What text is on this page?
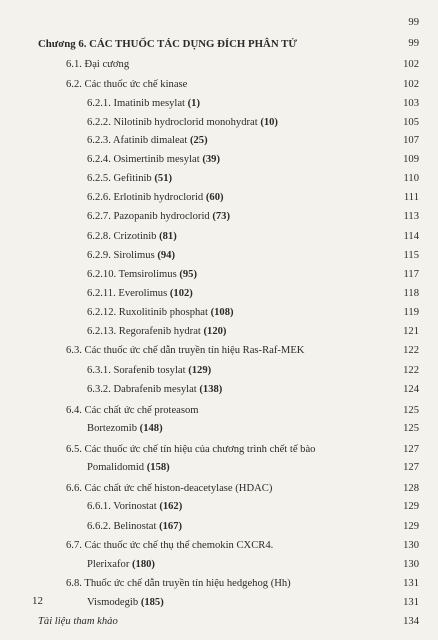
99
Chương 6. CÁC THUỐC TÁC DỤNG ĐÍCH PHÂN TỬ	99
6.1. Đại cương	102
6.2. Các thuốc ức chế kinase	102
6.2.1. Imatinib mesylat (1)	103
6.2.2. Nilotinib hydroclorid monohydrat (10)	105
6.2.3. Afatinib dimaleat (25)	107
6.2.4. Osimertinib mesylat (39)	109
6.2.5. Gefitinib (51)	110
6.2.6. Erlotinib hydroclorid (60)	111
6.2.7. Pazopanib hydroclorid (73)	113
6.2.8. Crizotinib (81)	114
6.2.9. Sirolimus (94)	115
6.2.10. Temsirolimus (95)	117
6.2.11. Everolimus (102)	118
6.2.12. Ruxolitinib phosphat (108)	119
6.2.13. Regorafenib hydrat (120)	121
6.3. Các thuốc ức chế dẫn truyền tín hiệu Ras-Raf-MEK	122
6.3.1. Sorafenib tosylat (129)	122
6.3.2. Dabrafenib mesylat (138)	124
6.4. Các chất ức chế proteasom	125
Bortezomib (148)	125
6.5. Các thuốc ức chế tín hiệu của chương trình chết tế bào	127
Pomalidomid (158)	127
6.6. Các chất ức chế histon-deacetylase (HDAC)	128
6.6.1. Vorinostat (162)	129
6.6.2. Belinostat (167)	129
6.7. Các thuốc ức chế thụ thể chemokin CXCR4.	130
Plerixafor (180)	130
6.8. Thuốc ức chế dẫn truyền tín hiệu hedgehog (Hh)	131
Vismodegib (185)	131
Tài liệu tham khảo	134
12
